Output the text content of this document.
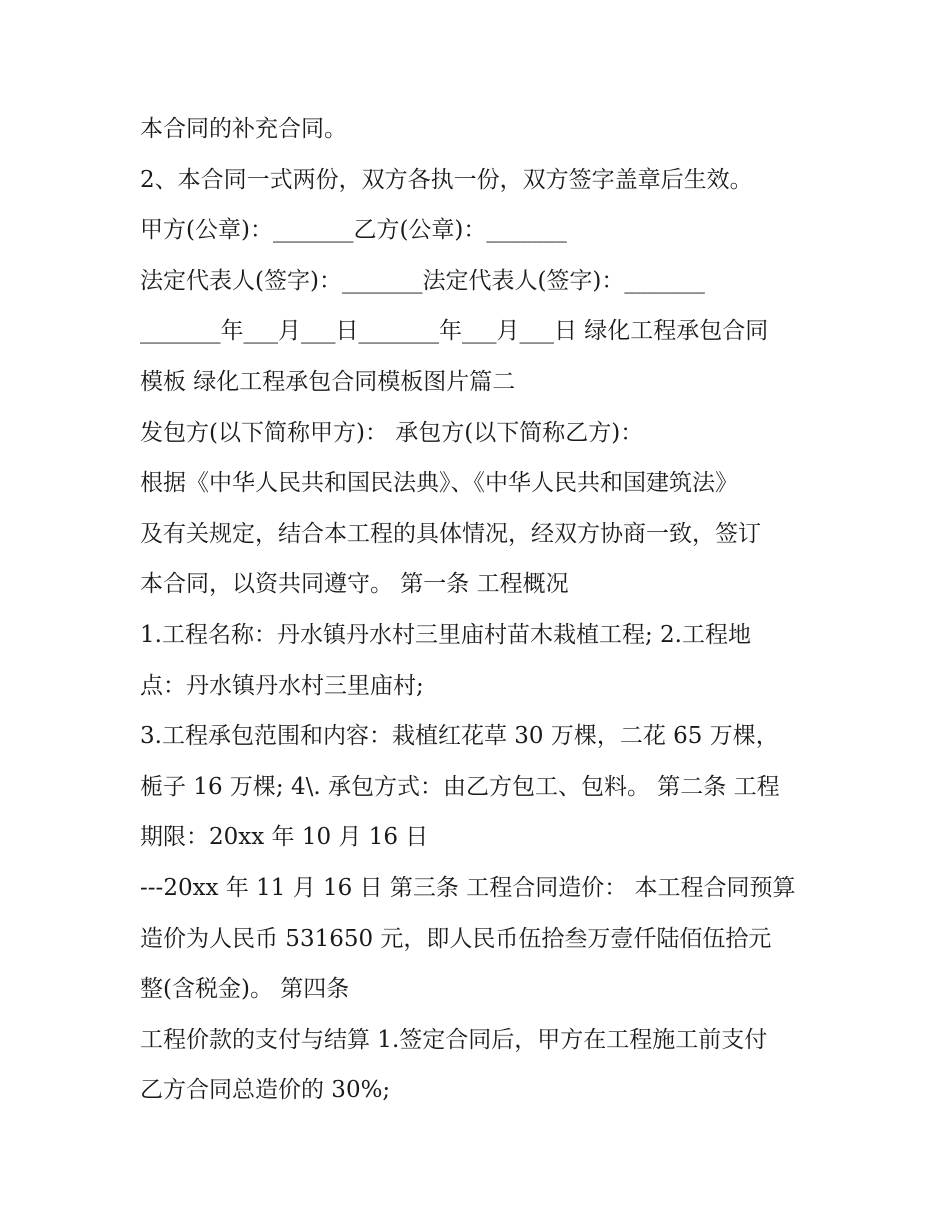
本合同的补充合同。
2、本合同一式两份，双方各执一份，双方签字盖章后生效。
甲方(公章)：_______乙方(公章)：_______
法定代表人(签字)：_______法定代表人(签字)：_______
_______年___月___日_______年___月___日 绿化工程承包合同
模板 绿化工程承包合同模板图片篇二
发包方(以下简称甲方)： 承包方(以下简称乙方)：
根据《中华人民共和国民法典》、《中华人民共和国建筑法》
及有关规定，结合本工程的具体情况，经双方协商一致，签订
本合同，以资共同遵守。 第一条 工程概况
1.工程名称：丹水镇丹水村三里庙村苗木栽植工程; 2.工程地
点：丹水镇丹水村三里庙村;
3.工程承包范围和内容：栽植红花草 30 万棵，二花 65 万棵，
栀子 16 万棵; 4\. 承包方式：由乙方包工、包料。 第二条 工程
期限：20xx 年 10 月 16 日
---20xx 年 11 月 16 日 第三条 工程合同造价： 本工程合同预算
造价为人民币 531650 元，即人民币伍拾叁万壹仟陆佰伍拾元
整(含税金)。 第四条
工程价款的支付与结算 1.签定合同后，甲方在工程施工前支付
乙方合同总造价的 30%;
